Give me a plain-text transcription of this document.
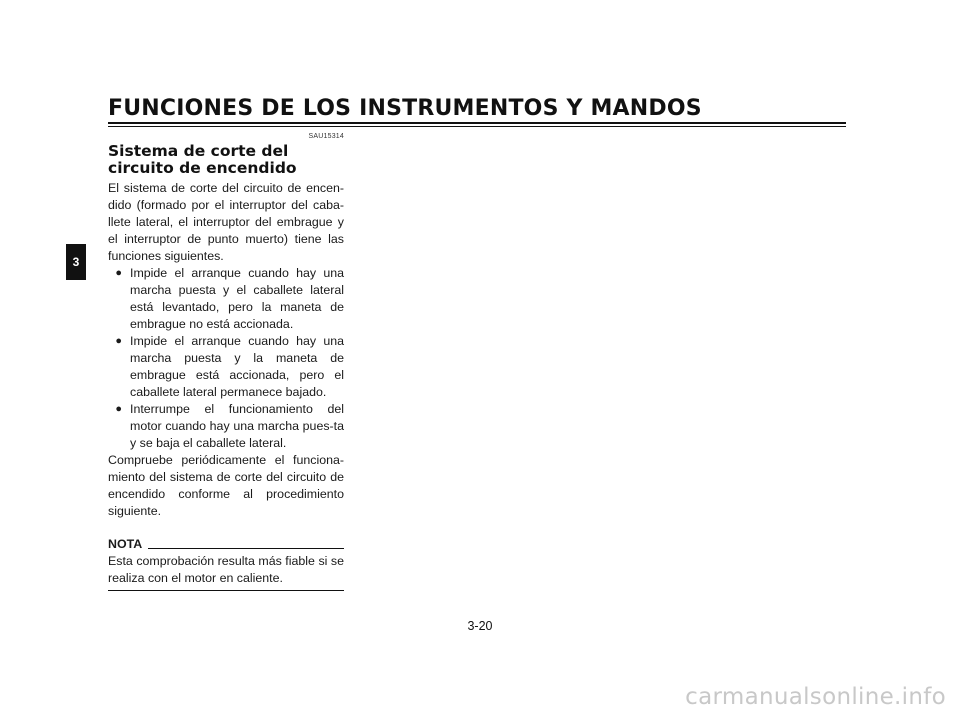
FUNCIONES DE LOS INSTRUMENTOS Y MANDOS
3
SAU15314
Sistema de corte del circuito de encendido

El sistema de corte del circuito de encen-dido (formado por el interruptor del caba-llete lateral, el interruptor del embrague y el interruptor de punto muerto) tiene las funciones siguientes.

● Impide el arranque cuando hay una marcha puesta y el caballete lateral está levantado, pero la maneta de embrague no está accionada.
● Impide el arranque cuando hay una marcha puesta y la maneta de embrague está accionada, pero el caballete lateral permanece bajado.
● Interrumpe el funcionamiento del motor cuando hay una marcha pues-ta y se baja el caballete lateral.

Compruebe periódicamente el funciona-miento del sistema de corte del circuito de encendido conforme al procedimiento siguiente.

NOTA

Esta comprobación resulta más fiable si se realiza con el motor en caliente.

3-20
carmanualsonline.info
